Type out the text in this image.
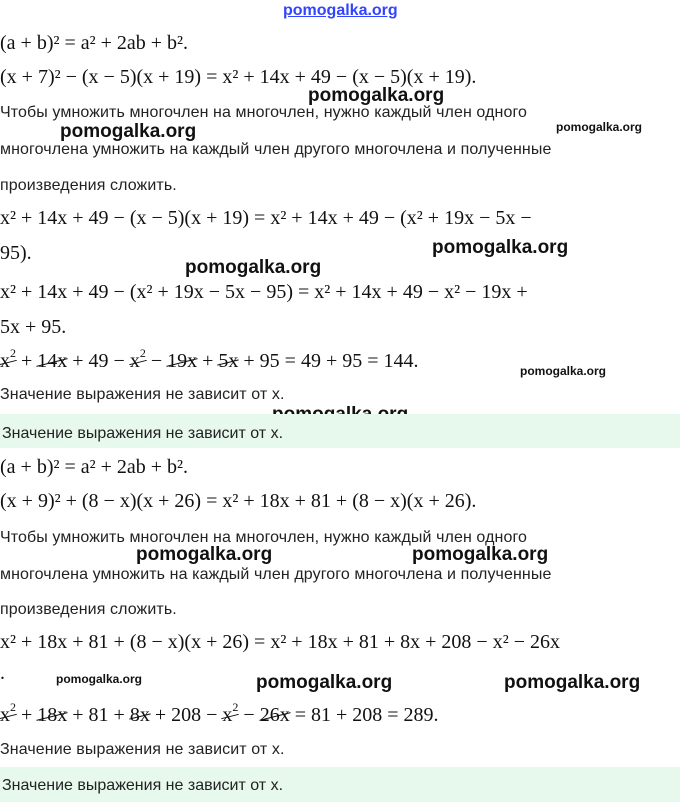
pomogalka.org
pomogalka.org
pomogalka.org	pomogalka.org
pomogalka.org
pomogalka.org
pomogalka.org
pomogalka.org	pomogalka.org
pomogalka.org	pomogalka.org	pomogalka.org
(a + b)² = a² + 2ab + b².
(x + 7)² − (x − 5)(x + 19) = x² + 14x + 49 − (x − 5)(x + 19).
Чтобы умножить многочлен на многочлен, нужно каждый член одного
многочлена умножить на каждый член другого многочлена и полученные
произведения сложить.
x² + 14x + 49 − (x − 5)(x + 19) = x² + 14x + 49 − (x² + 19x − 5x −
95).
x² + 14x + 49 − (x² + 19x − 5x − 95) = x² + 14x + 49 − x² − 19x +
5x + 95.
$x^2 + 14x + 49 - x^2 - 19x + 5x + 95 = 49 + 95 = 144$.
Значение выражения не зависит от x.
Значение выражения не зависит от x.
(a + b)² = a² + 2ab + b².
(x + 9)² + (8 − x)(x + 26) = x² + 18x + 81 + (8 − x)(x + 26).
Чтобы умножить многочлен на многочлен, нужно каждый член одного
многочлена умножить на каждый член другого многочлена и полученные
произведения сложить.
x² + 18x + 81 + (8 − x)(x + 26) = x² + 18x + 81 + 8x + 208 − x² − 26x
.
$x^2 + 18x + 81 + 8x + 208 - x^2 - 26x = 81 + 208 = 289$.
Значение выражения не зависит от x.
Значение выражения не зависит от x.
